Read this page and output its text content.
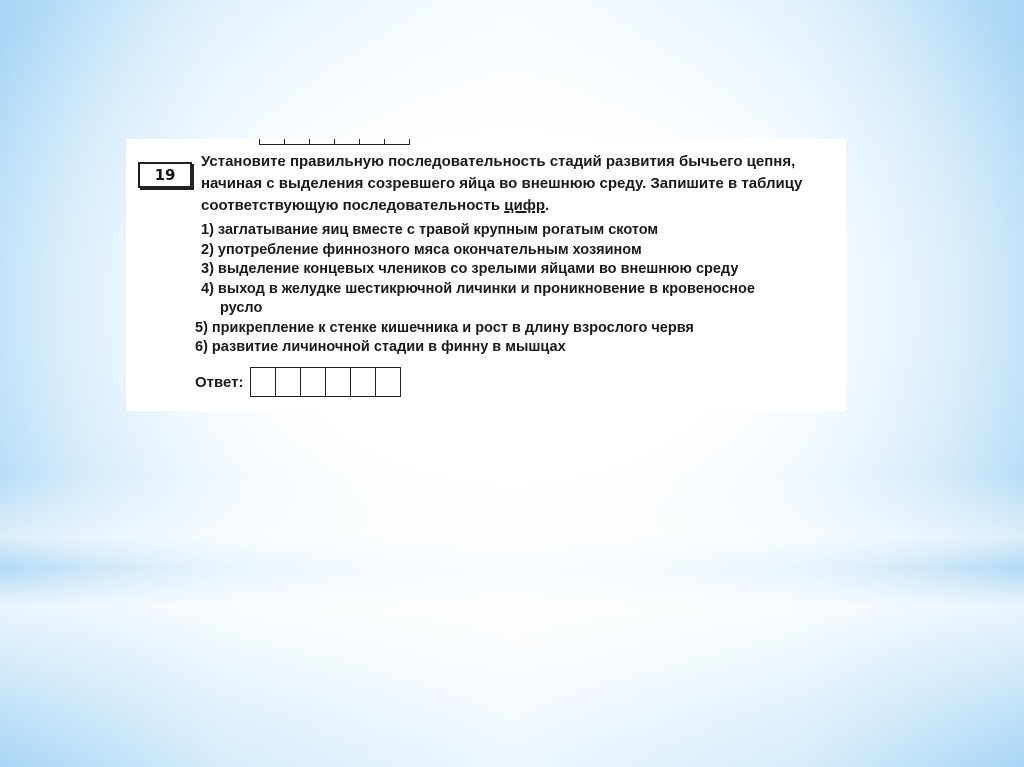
19
Установите правильную последовательность стадий развития бычьего цепня,
начиная с выделения созревшего яйца во внешнюю среду. Запишите в таблицу
соответствующую последовательность цифр.
1) заглатывание яиц вместе с травой крупным рогатым скотом
2) употребление финнозного мяса окончательным хозяином
3) выделение концевых члеников со зрелыми яйцами во внешнюю среду
4) выход в желудке шестикрючной личинки и проникновение в кровеносное
русло
5) прикрепление к стенке кишечника и рост в длину взрослого червя
6) развитие личиночной стадии в финну в мышцах
Ответ:
